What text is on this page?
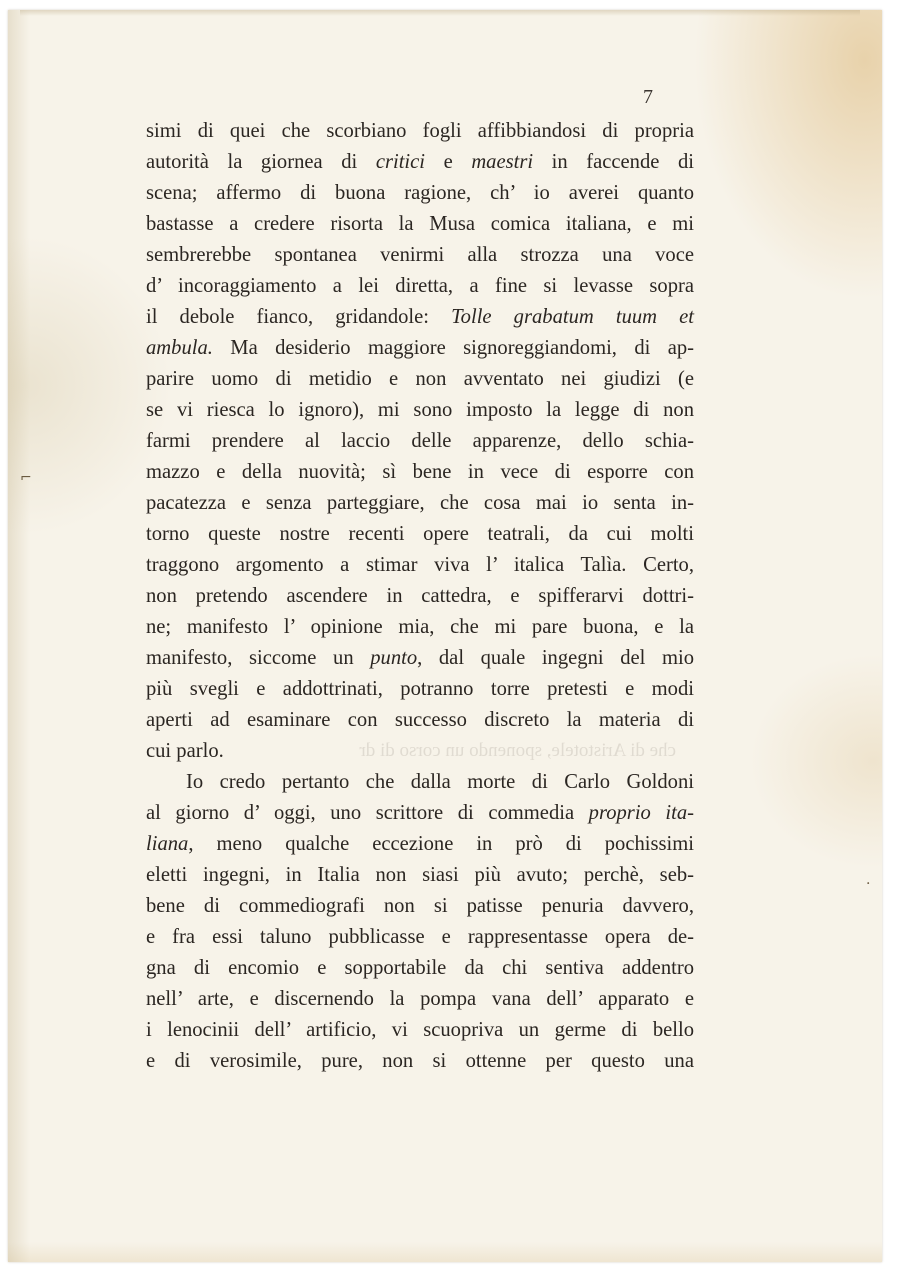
che di Aristotele, sponendo un corso di dr
7
simi di quei che scorbiano fogli affibbiandosi di propria
autorità la giornea di critici e maestri in faccende di
scena; affermo di buona ragione, ch’ io averei quanto
bastasse a credere risorta la Musa comica italiana, e mi
sembrerebbe spontanea venirmi alla strozza una voce
d’ incoraggiamento a lei diretta, a fine si levasse sopra
il debole fianco, gridandole: Tolle grabatum tuum et
ambula. Ma desiderio maggiore signoreggiandomi, di ap-
parire uomo di metidio e non avventato nei giudizi (e
se vi riesca lo ignoro), mi sono imposto la legge di non
farmi prendere al laccio delle apparenze, dello schia-
mazzo e della nuovità; sì bene in vece di esporre con
pacatezza e senza parteggiare, che cosa mai io senta in-
torno queste nostre recenti opere teatrali, da cui molti
traggono argomento a stimar viva l’ italica Talìa. Certo,
non pretendo ascendere in cattedra, e spifferarvi dottri-
ne; manifesto l’ opinione mia, che mi pare buona, e la
manifesto, siccome un punto, dal quale ingegni del mio
più svegli e addottrinati, potranno torre pretesti e modi
aperti ad esaminare con successo discreto la materia di
cui parlo.
Io credo pertanto che dalla morte di Carlo Goldoni
al giorno d’ oggi, uno scrittore di commedia proprio ita-
liana, meno qualche eccezione in prò di pochissimi
eletti ingegni, in Italia non siasi più avuto; perchè, seb-
bene di commediografi non si patisse penuria davvero,
e fra essi taluno pubblicasse e rappresentasse opera de-
gna di encomio e sopportabile da chi sentiva addentro
nell’ arte, e discernendo la pompa vana dell’ apparato e
i lenocinii dell’ artificio, vi scuopriva un germe di bello
e di verosimile, pure, non si ottenne per questo una
·
⌐
